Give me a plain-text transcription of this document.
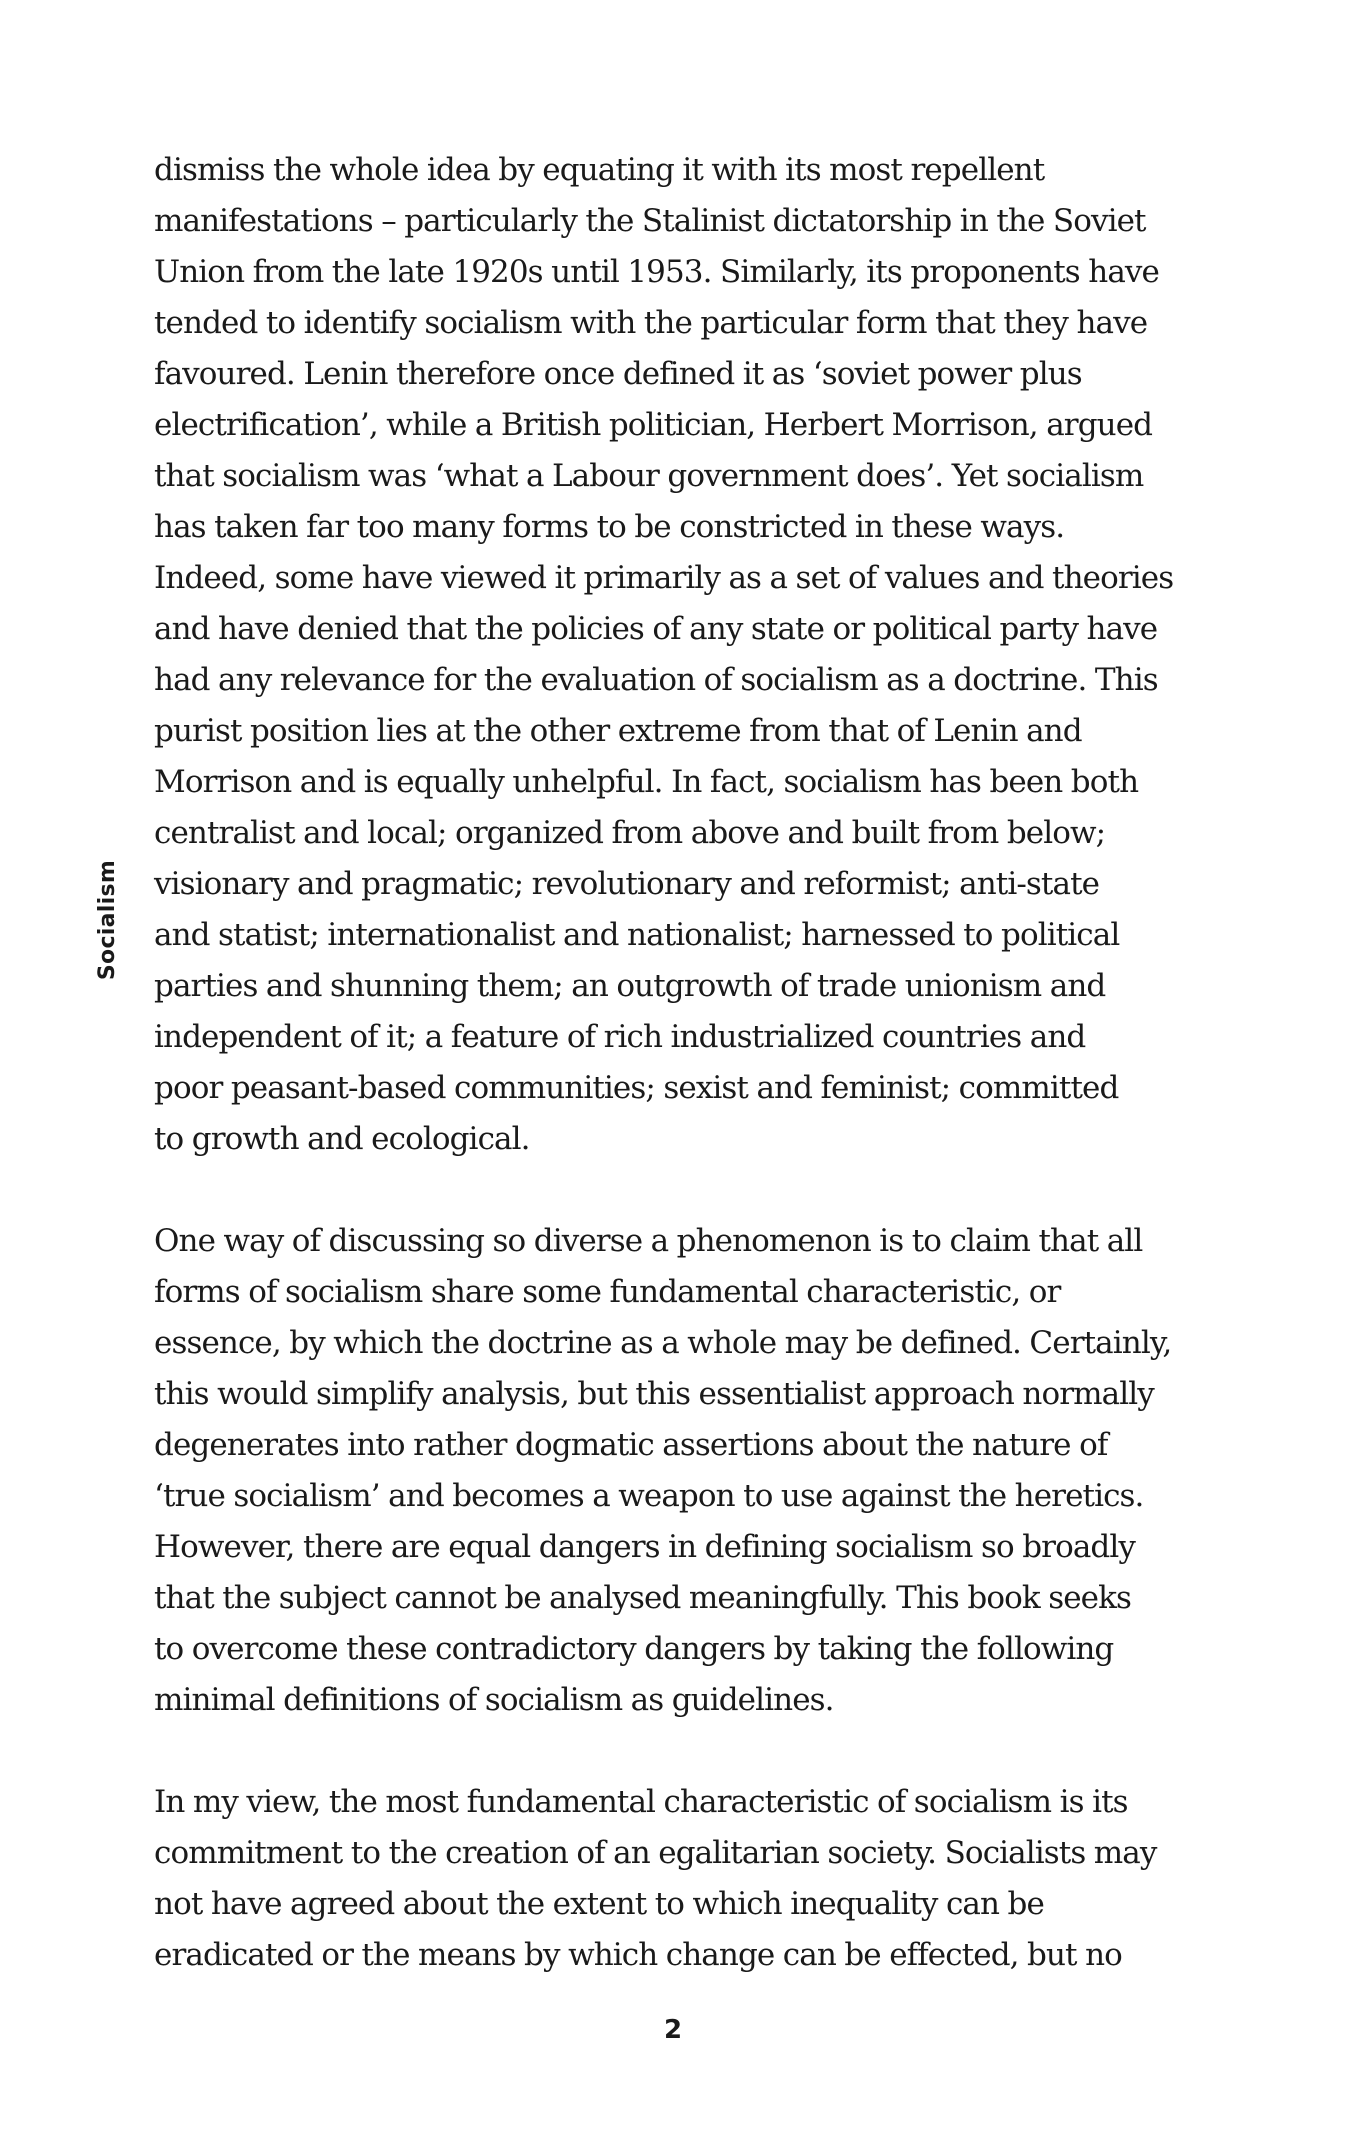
Socialism

dismiss the whole idea by equating it with its most repellent
manifestations – particularly the Stalinist dictatorship in the Soviet
Union from the late 1920s until 1953. Similarly, its proponents have
tended to identify socialism with the particular form that they have
favoured. Lenin therefore once defined it as ‘soviet power plus
electrification’, while a British politician, Herbert Morrison, argued
that socialism was ‘what a Labour government does’. Yet socialism
has taken far too many forms to be constricted in these ways.
Indeed, some have viewed it primarily as a set of values and theories
and have denied that the policies of any state or political party have
had any relevance for the evaluation of socialism as a doctrine. This
purist position lies at the other extreme from that of Lenin and
Morrison and is equally unhelpful. In fact, socialism has been both
centralist and local; organized from above and built from below;
visionary and pragmatic; revolutionary and reformist; anti-state
and statist; internationalist and nationalist; harnessed to political
parties and shunning them; an outgrowth of trade unionism and
independent of it; a feature of rich industrialized countries and
poor peasant-based communities; sexist and feminist; committed
to growth and ecological.

One way of discussing so diverse a phenomenon is to claim that all
forms of socialism share some fundamental characteristic, or
essence, by which the doctrine as a whole may be defined. Certainly,
this would simplify analysis, but this essentialist approach normally
degenerates into rather dogmatic assertions about the nature of
‘true socialism’ and becomes a weapon to use against the heretics.
However, there are equal dangers in defining socialism so broadly
that the subject cannot be analysed meaningfully. This book seeks
to overcome these contradictory dangers by taking the following
minimal definitions of socialism as guidelines.

In my view, the most fundamental characteristic of socialism is its
commitment to the creation of an egalitarian society. Socialists may
not have agreed about the extent to which inequality can be
eradicated or the means by which change can be effected, but no

2
